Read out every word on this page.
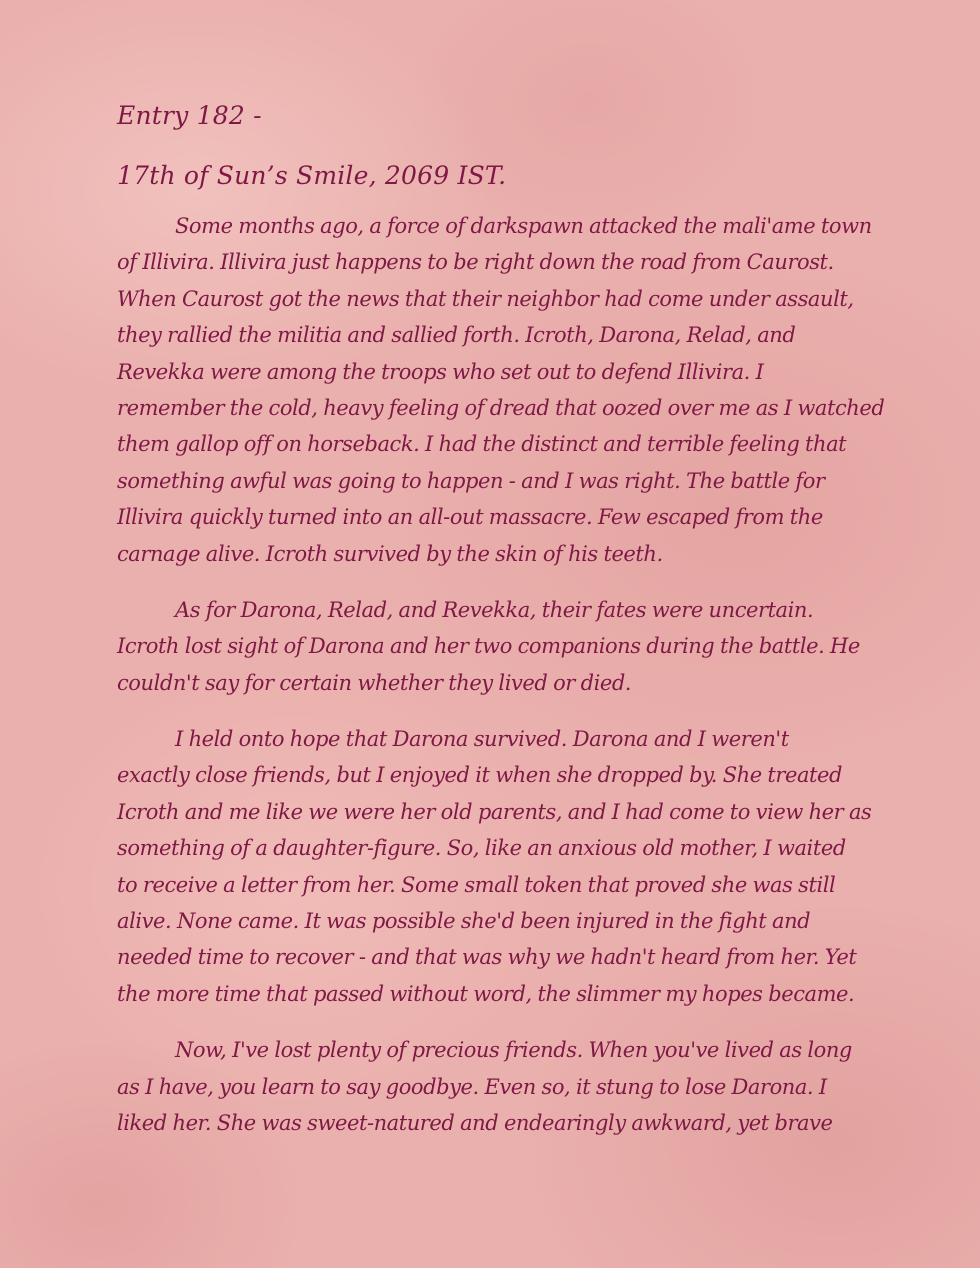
Entry 182 -
17th of Sun’s Smile, 2069 IST.

Some months ago, a force of darkspawn attacked the mali'ame town
of Illivira. Illivira just happens to be right down the road from Caurost.
When Caurost got the news that their neighbor had come under assault,
they rallied the militia and sallied forth. Icroth, Darona, Relad, and
Revekka were among the troops who set out to defend Illivira. I
remember the cold, heavy feeling of dread that oozed over me as I watched
them gallop off on horseback. I had the distinct and terrible feeling that
something awful was going to happen - and I was right. The battle for
Illivira quickly turned into an all-out massacre. Few escaped from the
carnage alive. Icroth survived by the skin of his teeth.

As for Darona, Relad, and Revekka, their fates were uncertain.
Icroth lost sight of Darona and her two companions during the battle. He
couldn't say for certain whether they lived or died.

I held onto hope that Darona survived. Darona and I weren't
exactly close friends, but I enjoyed it when she dropped by. She treated
Icroth and me like we were her old parents, and I had come to view her as
something of a daughter-figure. So, like an anxious old mother, I waited
to receive a letter from her. Some small token that proved she was still
alive. None came. It was possible she'd been injured in the fight and
needed time to recover - and that was why we hadn't heard from her. Yet
the more time that passed without word, the slimmer my hopes became.

Now, I've lost plenty of precious friends. When you've lived as long
as I have, you learn to say goodbye. Even so, it stung to lose Darona. I
liked her. She was sweet-natured and endearingly awkward, yet brave
